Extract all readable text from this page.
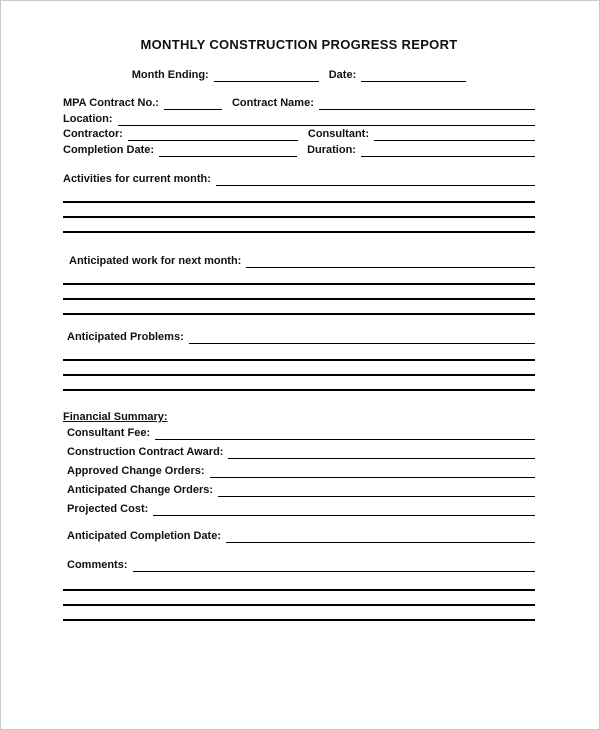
MONTHLY CONSTRUCTION PROGRESS REPORT
Month Ending:	Date:
MPA Contract No.:	Contract Name:
Location:
Contractor:	Consultant:
Completion Date:	Duration:
Activities for current month:
Anticipated work for next month:
Anticipated Problems:
Financial Summary:
Consultant Fee:
Construction Contract Award:
Approved Change Orders:
Anticipated Change Orders:
Projected Cost:
Anticipated Completion Date:
Comments:
